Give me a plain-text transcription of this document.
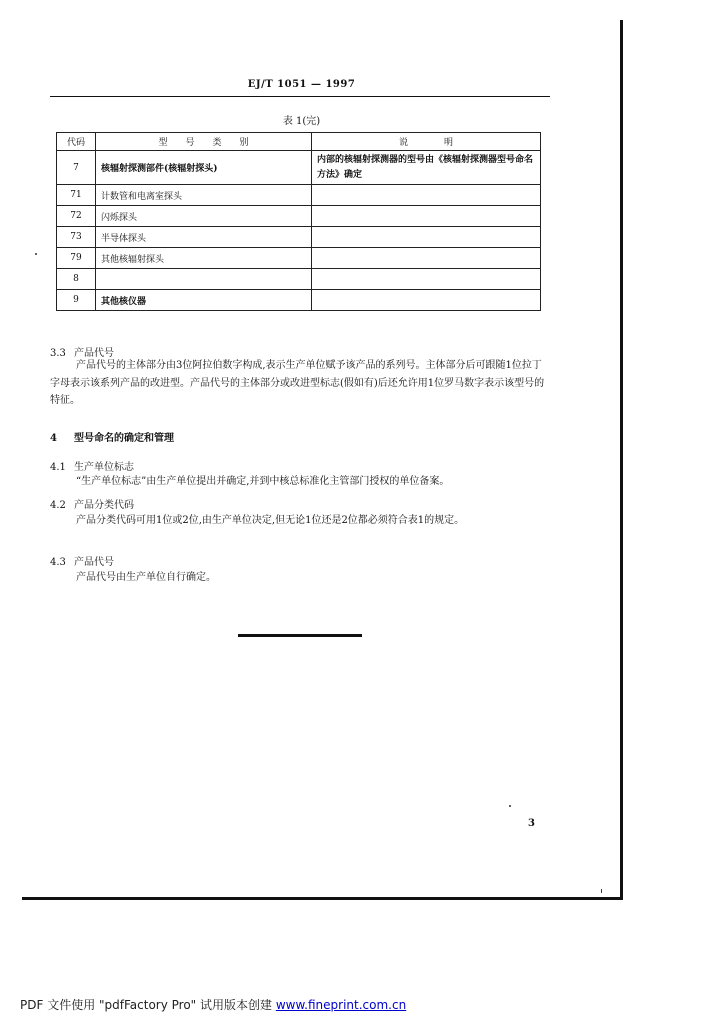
EJ/T 1051 — 1997
表 1(完)
代码	型　　号　　类　　别	说　　　　明
7	核辐射探测部件(核辐射探头)	内部的核辐射探测器的型号由《核辐射探测器型号命名方法》确定
71	计数管和电离室探头	
72	闪烁探头	
73	半导体探头	
79	其他核辐射探头	
8		
9	其他核仪器	
3.3 产品代号
产品代号的主体部分由3位阿拉伯数字构成,表示生产单位赋予该产品的系列号。主体部分后可跟随1位拉丁字母表示该系列产品的改进型。产品代号的主体部分或改进型标志(假如有)后还允许用1位罗马数字表示该型号的特征。
4 型号命名的确定和管理
4.1 生产单位标志
“生产单位标志”由生产单位提出并确定,并到中核总标准化主管部门授权的单位备案。
4.2 产品分类代码
产品分类代码可用1位或2位,由生产单位决定,但无论1位还是2位都必须符合表1的规定。
4.3 产品代号
产品代号由生产单位自行确定。
3
PDF 文件使用 "pdfFactory Pro" 试用版本创建 www.fineprint.com.cn
